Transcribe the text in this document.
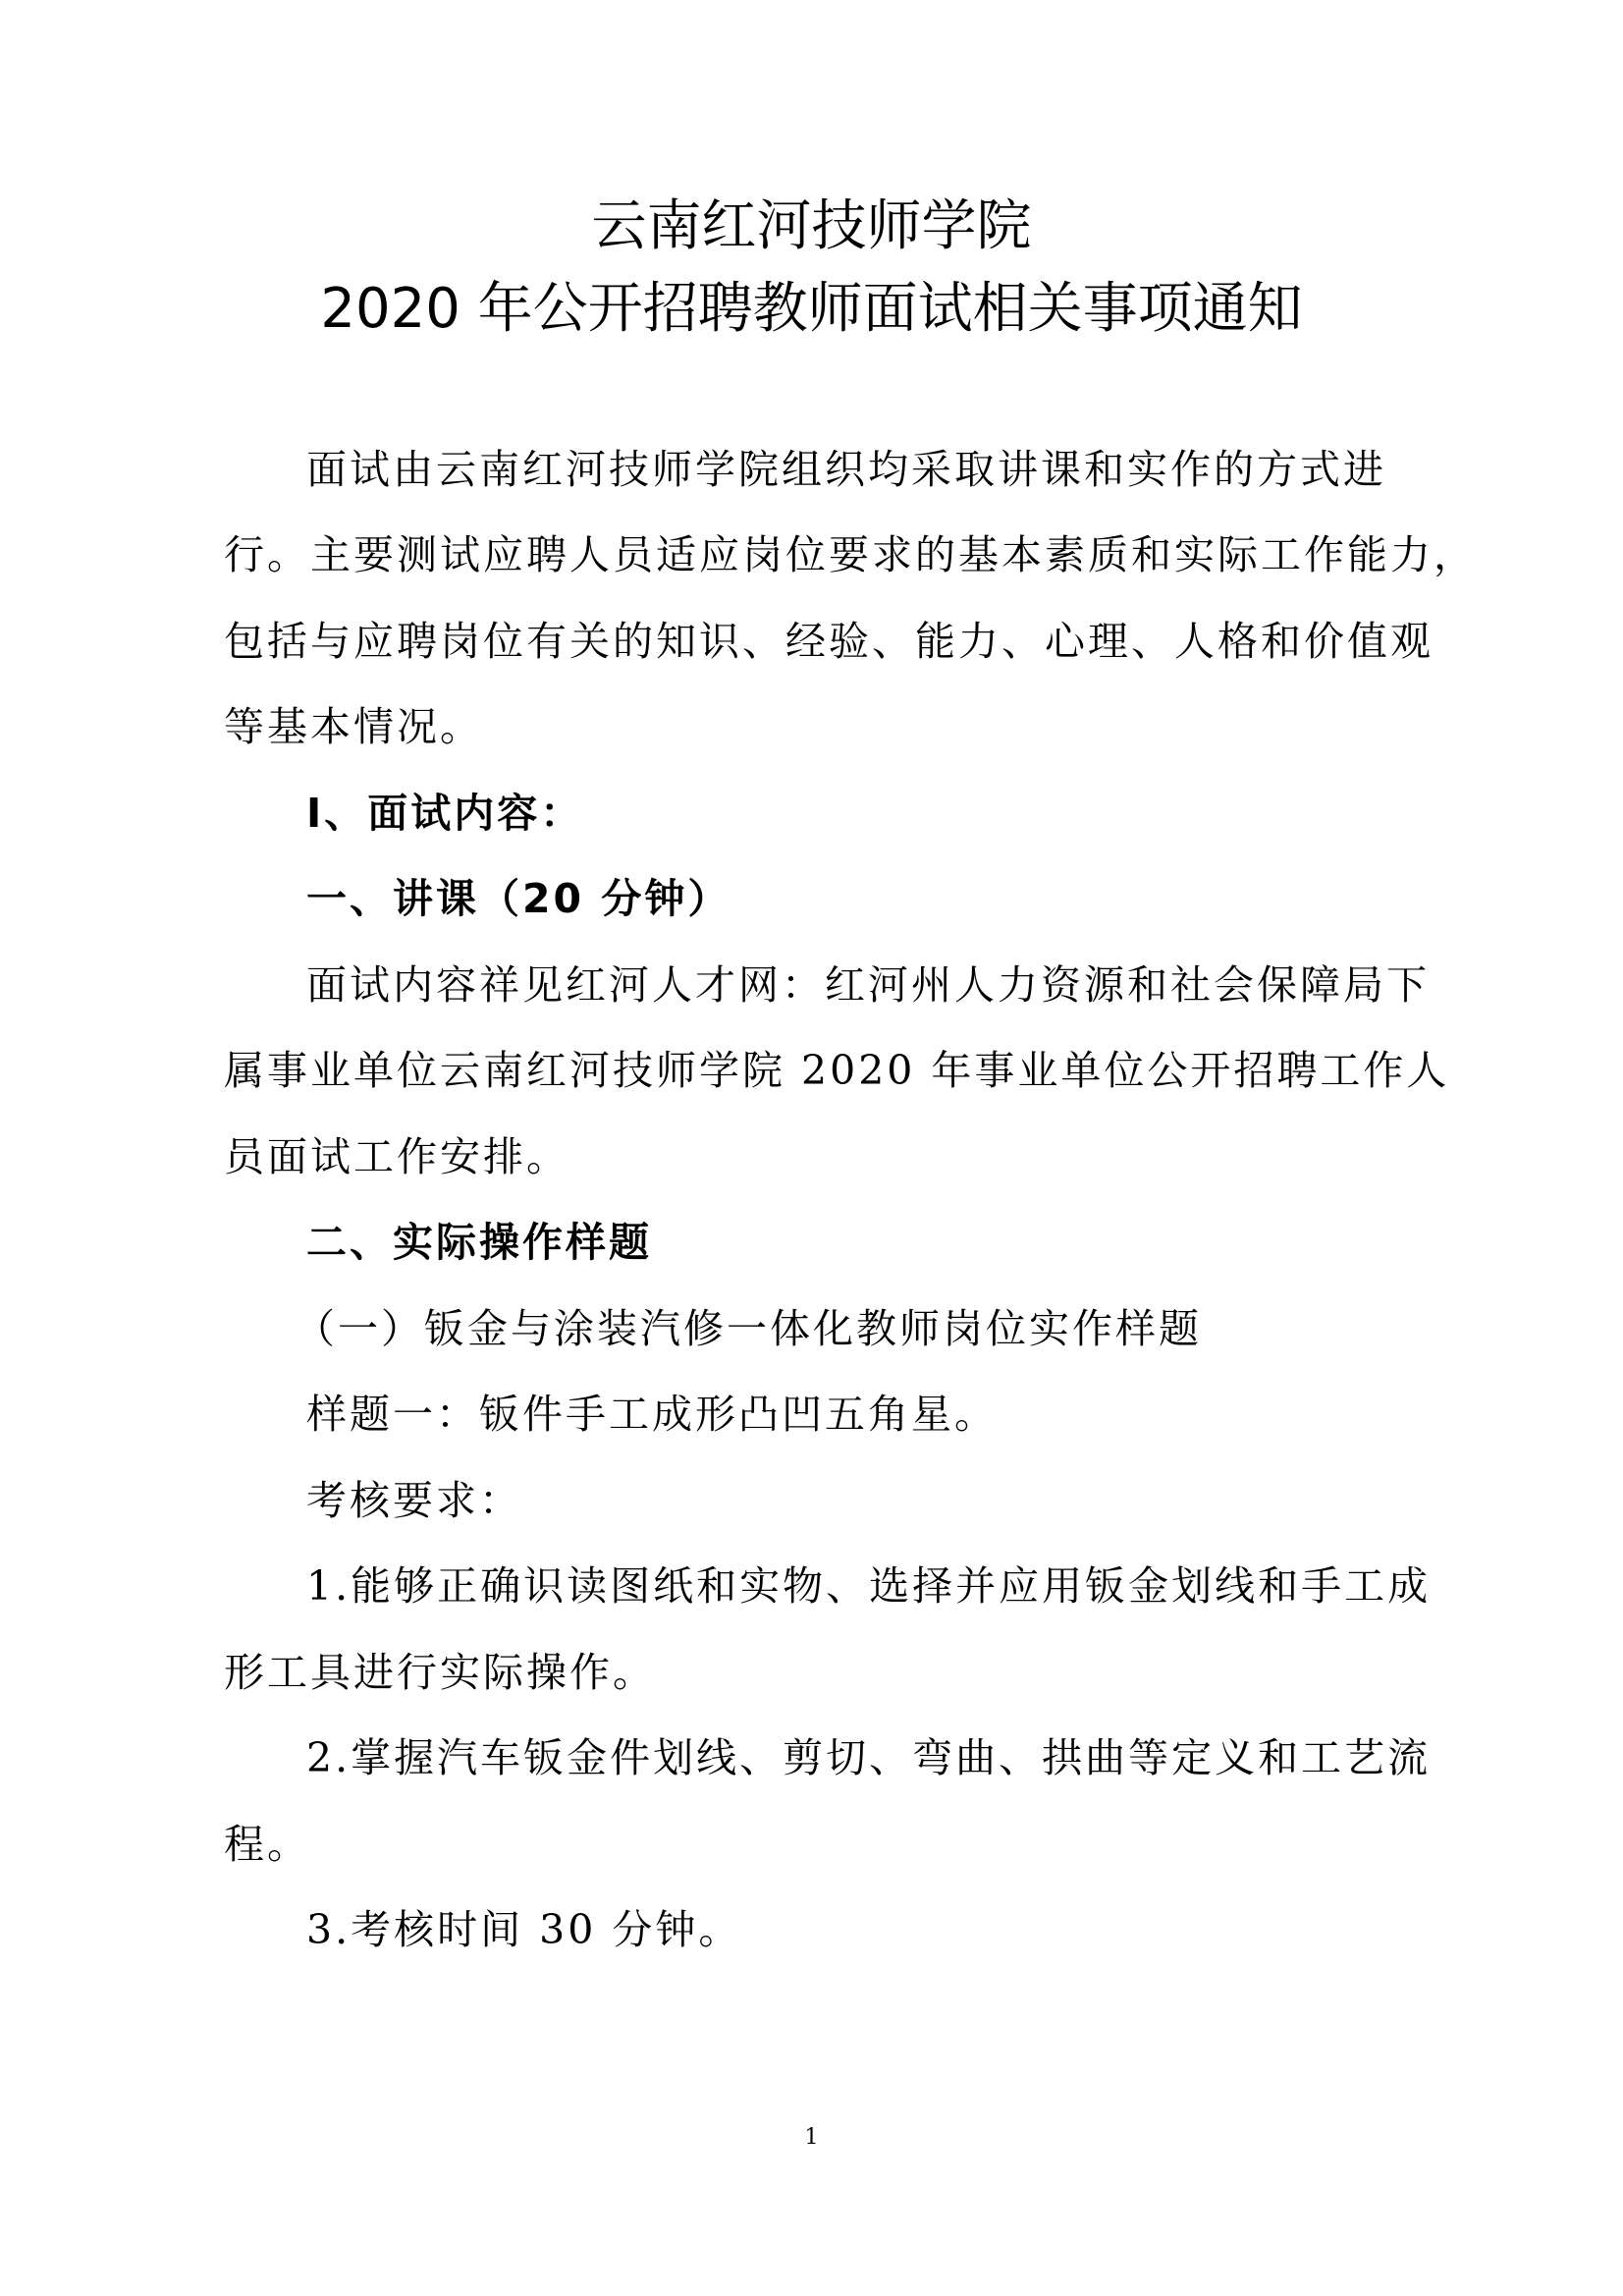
云南红河技师学院
2020 年公开招聘教师面试相关事项通知
面试由云南红河技师学院组织均采取讲课和实作的方式进
行。主要测试应聘人员适应岗位要求的基本素质和实际工作能力，
包括与应聘岗位有关的知识、经验、能力、心理、人格和价值观
等基本情况。
Ⅰ、面试内容：
一、讲课（20 分钟）
面试内容祥见红河人才网：红河州人力资源和社会保障局下
属事业单位云南红河技师学院 2020 年事业单位公开招聘工作人
员面试工作安排。
二、实际操作样题
（一）钣金与涂装汽修一体化教师岗位实作样题
样题一：钣件手工成形凸凹五角星。
考核要求：
1.能够正确识读图纸和实物、选择并应用钣金划线和手工成
形工具进行实际操作。
2.掌握汽车钣金件划线、剪切、弯曲、拱曲等定义和工艺流
程。
3.考核时间 30 分钟。
1
